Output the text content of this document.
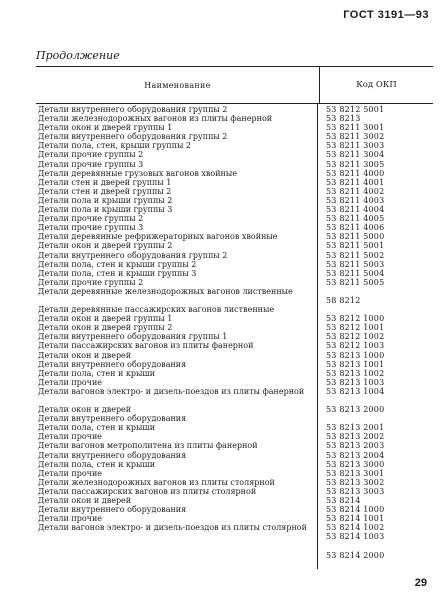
ГОСТ 3191—93
Продолжение
Наименование	Код ОКП
Детали внутреннего оборудования группы 2
Детали железнодорожных вагонов из плиты фанерной
Детали окон и дверей группы 1
Детали внутреннего оборудования группы 2
Детали пола, стен, крыши группы 2
Детали прочие группы 2
Детали прочие группы 3
Детали деревянные грузовых вагонов хвойные
Детали стен и дверей группы 1
Детали стен и дверей группы 2
Детали пола и крыши группы 2
Детали пола и крыши группы 3
Детали прочие группы 2
Детали прочие группы 3
Детали деревянные рефрижераторных вагонов хвойные
Детали окон и дверей группы 2
Детали внутреннего оборудования группы 2
Детали пола, стен и крыши группы 2
Детали пола, стен и крыши группы 3
Детали прочие группы 2
Детали деревянные железнодорожных вагонов лиственные
Детали деревянные пассажирских вагонов лиственные
Детали окон и дверей группы 1
Детали окон и дверей группы 2
Детали внутреннего оборудования группы 1
Детали пассажирских вагонов из плиты фанерной
Детали окон и дверей
Детали внутреннего оборудования
Детали пола, стен и крыши
Детали прочие
Детали вагонов электро- и дизель-поездов из плиты фанерной
Детали окон и дверей
Детали внутреннего оборудования
Детали пола, стен и крыши
Детали прочие
Детали вагонов метрополитена из плиты фанерной
Детали внутреннего оборудования
Детали пола, стен и крыши
Детали прочие
Детали железнодорожных вагонов из плиты столярной
Детали пассажирских вагонов из плиты столярной
Детали окон и дверей
Детали внутреннего оборудования
Детали прочие
Детали вагонов электро- и дизель-поездов из плиты столярной
53 8212 5001
53 8213
53 8211 3001
53 8211 3002
53 8211 3003
53 8211 3004
53 8211 3005
53 8211 4000
53 8211 4001
53 8211 4002
53 8211 4003
53 8211 4004
53 8211 4005
53 8211 4006
53 8211 5000
53 8211 5001
53 8211 5002
53 8211 5003
53 8211 5004
53 8211 5005
58 8212
53 8212 1000
53 8212 1001
53 8212 1002
53 8212 1003
53 8213 1000
53 8213 1001
53 8213 1002
53 8213 1003
53 8213 1004
53 8213 2000
53 8213 2001
53 8213 2002
53 8213 2003
53 8213 2004
53 8213 3000
53 8213 3001
53 8213 3002
53 8213 3003
53 8214
53 8214 1000
53 8214 1001
53 8214 1002
53 8214 1003
53 8214 2000
29
